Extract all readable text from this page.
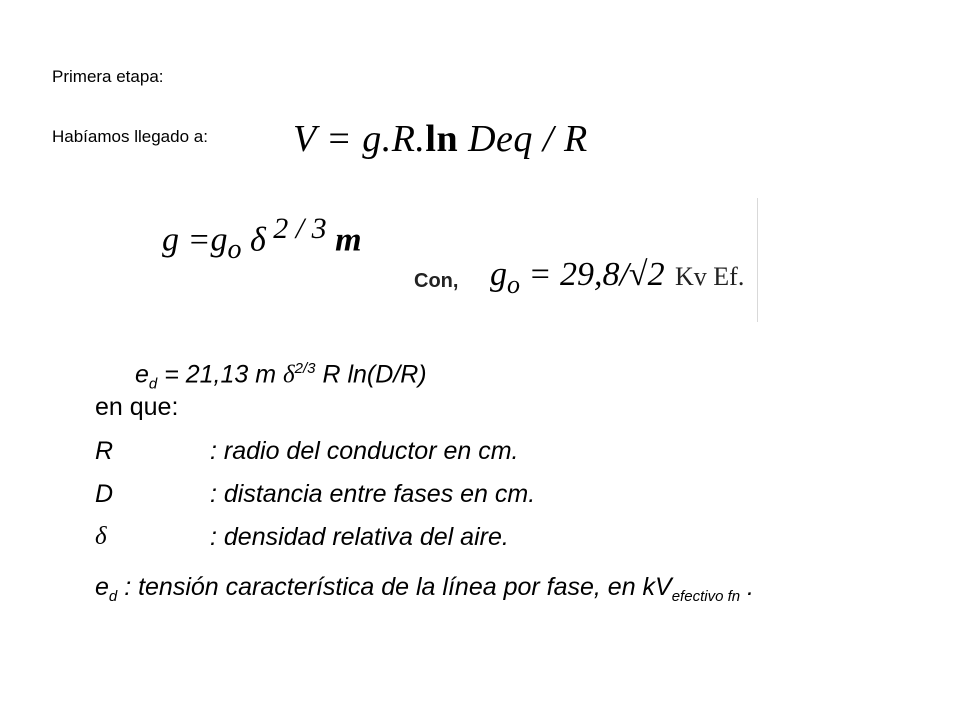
Primera etapa:
Habíamos llegado a: V = g.R.ln Deq / R
$g =g_o$ δ $^{2 / 3}$ m
Con, $g_o = 29,8/√2$ Kv Ef.
$e_d = 21,13$ m $\delta^{2/3}$ R ln(D/R)
en que:
R	: radio del conductor en cm.
D	: distancia entre fases en cm.
δ	: densidad relativa del aire.
$e_d$ : tensión característica de la línea por fase, en $kV_{efectivo fn}$ .
